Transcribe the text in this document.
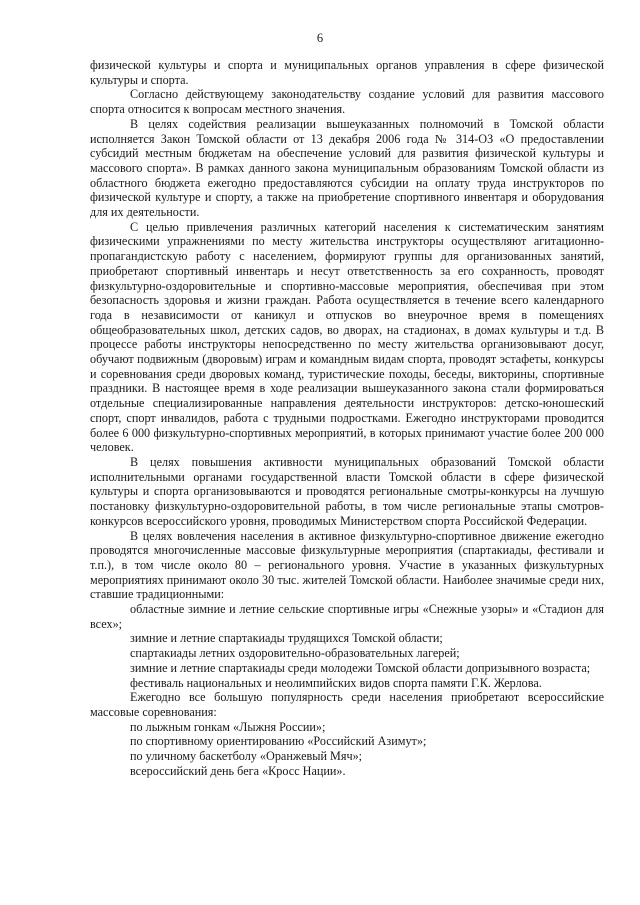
6

физической культуры и спорта и муниципальных органов управления в сфере физической культуры и спорта.

Согласно действующему законодательству создание условий для развития массового спорта относится к вопросам местного значения.

В целях содействия реализации вышеуказанных полномочий в Томской области исполняется Закон Томской области от 13 декабря 2006 года № 314-ОЗ «О предоставлении субсидий местным бюджетам на обеспечение условий для развития физической культуры и массового спорта». В рамках данного закона муниципальным образованиям Томской области из областного бюджета ежегодно предоставляются субсидии на оплату труда инструкторов по физической культуре и спорту, а также на приобретение спортивного инвентаря и оборудования для их деятельности.

С целью привлечения различных категорий населения к систематическим занятиям физическими упражнениями по месту жительства инструкторы осуществляют агитационно-пропагандистскую работу с населением, формируют группы для организованных занятий, приобретают спортивный инвентарь и несут ответственность за его сохранность, проводят физкультурно-оздоровительные и спортивно-массовые мероприятия, обеспечивая при этом безопасность здоровья и жизни граждан. Работа осуществляется в течение всего календарного года в независимости от каникул и отпусков во внеурочное время в помещениях общеобразовательных школ, детских садов, во дворах, на стадионах, в домах культуры и т.д. В процессе работы инструкторы непосредственно по месту жительства организовывают досуг, обучают подвижным (дворовым) играм и командным видам спорта, проводят эстафеты, конкурсы и соревнования среди дворовых команд, туристические походы, беседы, викторины, спортивные праздники. В настоящее время в ходе реализации вышеуказанного закона стали формироваться отдельные специализированные направления деятельности инструкторов: детско-юношеский спорт, спорт инвалидов, работа с трудными подростками. Ежегодно инструкторами проводится более 6 000 физкультурно-спортивных мероприятий, в которых принимают участие более 200 000 человек.

В целях повышения активности муниципальных образований Томской области исполнительными органами государственной власти Томской области в сфере физической культуры и спорта организовываются и проводятся региональные смотры-конкурсы на лучшую постановку физкультурно-оздоровительной работы, в том числе региональные этапы смотров-конкурсов всероссийского уровня, проводимых Министерством спорта Российской Федерации.

В целях вовлечения населения в активное физкультурно-спортивное движение ежегодно проводятся многочисленные массовые физкультурные мероприятия (спартакиады, фестивали и т.п.), в том числе около 80 – регионального уровня. Участие в указанных физкультурных мероприятиях принимают около 30 тыс. жителей Томской области. Наиболее значимые среди них, ставшие традиционными:

областные зимние и летние сельские спортивные игры «Снежные узоры» и «Стадион для всех»;

зимние и летние спартакиады трудящихся Томской области;

спартакиады летних оздоровительно-образовательных лагерей;

зимние и летние спартакиады среди молодежи Томской области допризывного возраста;

фестиваль национальных и неолимпийских видов спорта памяти Г.К. Жерлова.

Ежегодно все большую популярность среди населения приобретают всероссийские массовые соревнования:

по лыжным гонкам «Лыжня России»;

по спортивному ориентированию «Российский Азимут»;

по уличному баскетболу «Оранжевый Мяч»;

всероссийский день бега «Кросс Нации».
